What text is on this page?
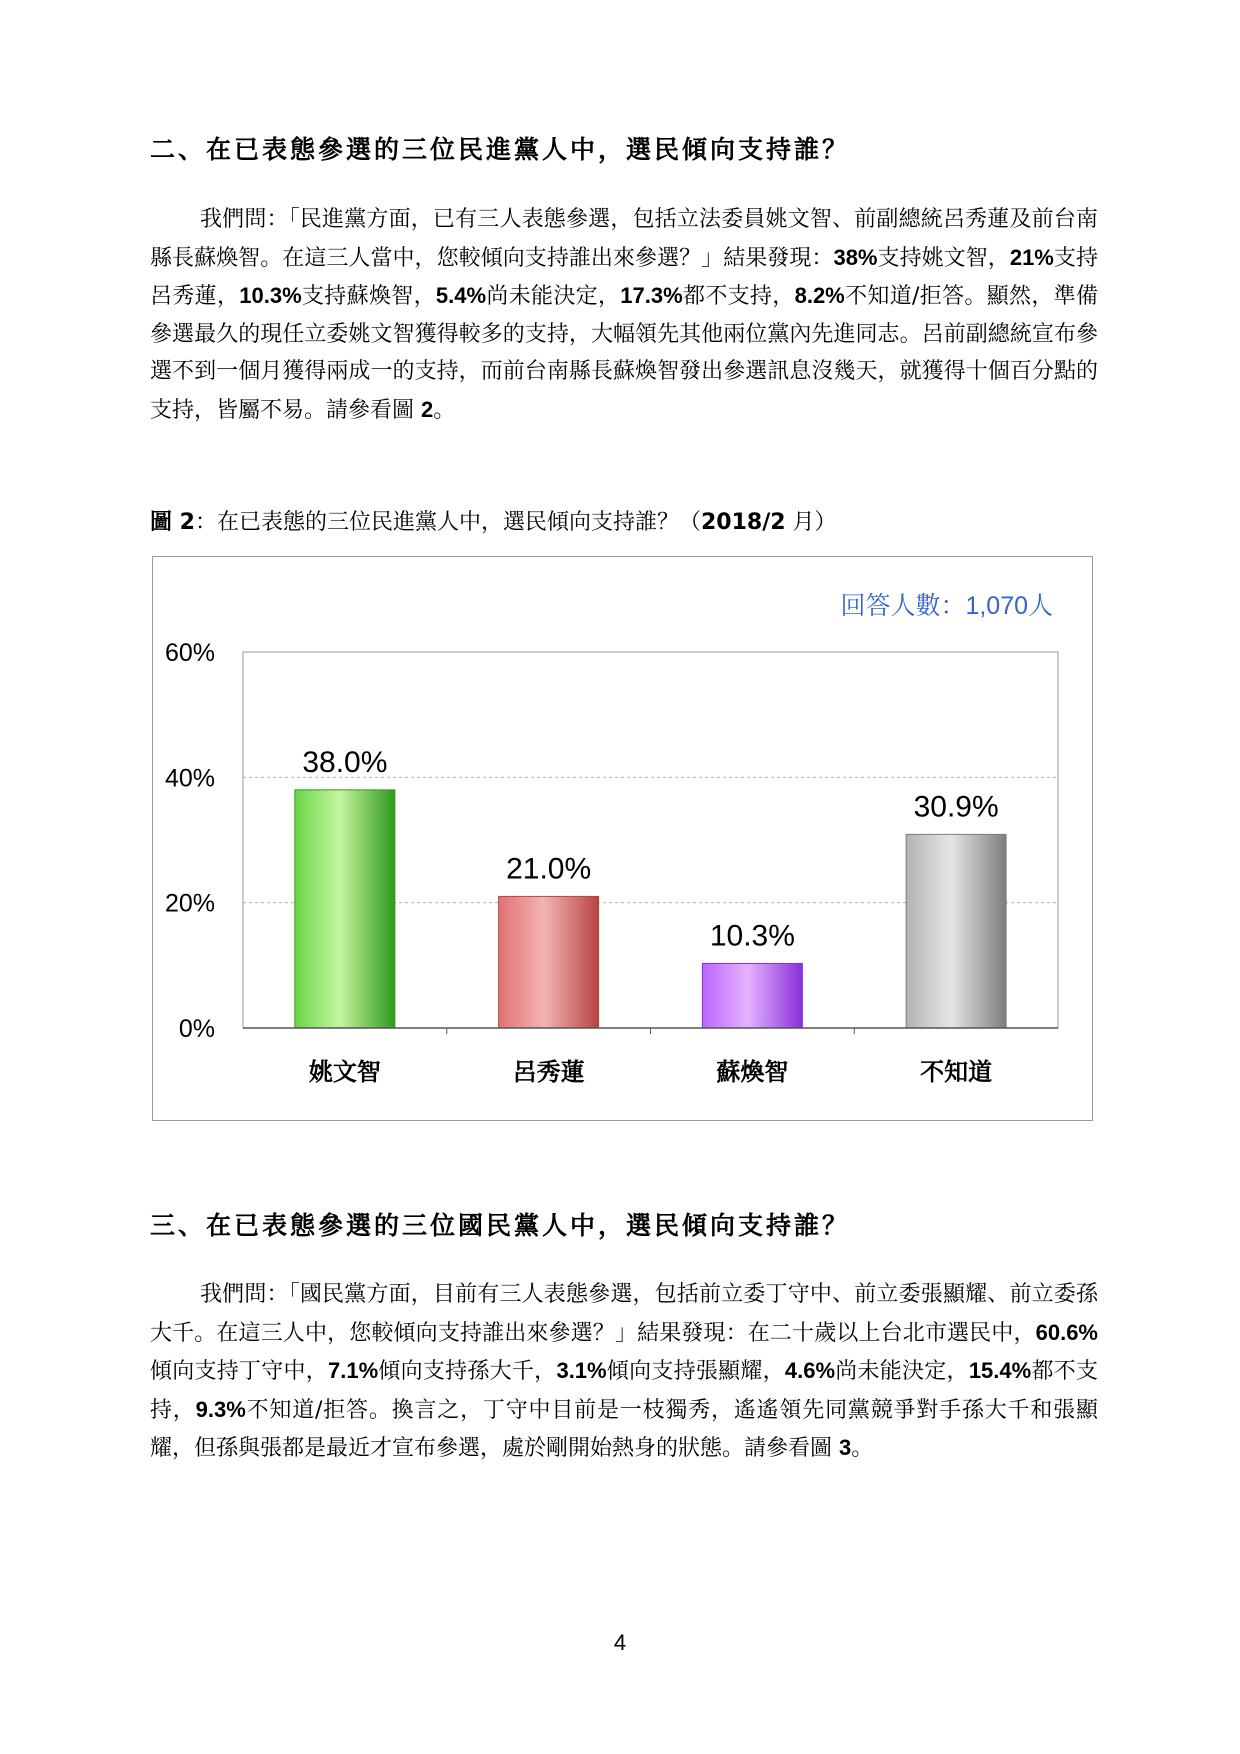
二、在已表態參選的三位民進黨人中，選民傾向支持誰？

我們問：「民進黨方面，已有三人表態參選，包括立法委員姚文智、前副總統呂秀蓮及前台南縣長蘇煥智。在這三人當中，您較傾向支持誰出來參選？」結果發現：38%支持姚文智，21%支持呂秀蓮，10.3%支持蘇煥智，5.4%尚未能決定，17.3%都不支持，8.2%不知道/拒答。顯然，準備參選最久的現任立委姚文智獲得較多的支持，大幅領先其他兩位黨內先進同志。呂前副總統宣布參選不到一個月獲得兩成一的支持，而前台南縣長蘇煥智發出參選訊息沒幾天，就獲得十個百分點的支持，皆屬不易。請參看圖 2。

圖 2：在已表態的三位民進黨人中，選民傾向支持誰？（2018/2 月）

回答人數：1,070人
0%
20%
40%
60%
38.0%
21.0%
10.3%
30.9%
姚文智	呂秀蓮	蘇煥智	不知道
三、在已表態參選的三位國民黨人中，選民傾向支持誰？

我們問：「國民黨方面，目前有三人表態參選，包括前立委丁守中、前立委張顯耀、前立委孫大千。在這三人中，您較傾向支持誰出來參選？」結果發現：在二十歲以上台北市選民中，60.6%傾向支持丁守中，7.1%傾向支持孫大千，3.1%傾向支持張顯耀，4.6%尚未能決定，15.4%都不支持，9.3%不知道/拒答。換言之，丁守中目前是一枝獨秀，遙遙領先同黨競爭對手孫大千和張顯耀，但孫與張都是最近才宣布參選，處於剛開始熱身的狀態。請參看圖 3。

4
